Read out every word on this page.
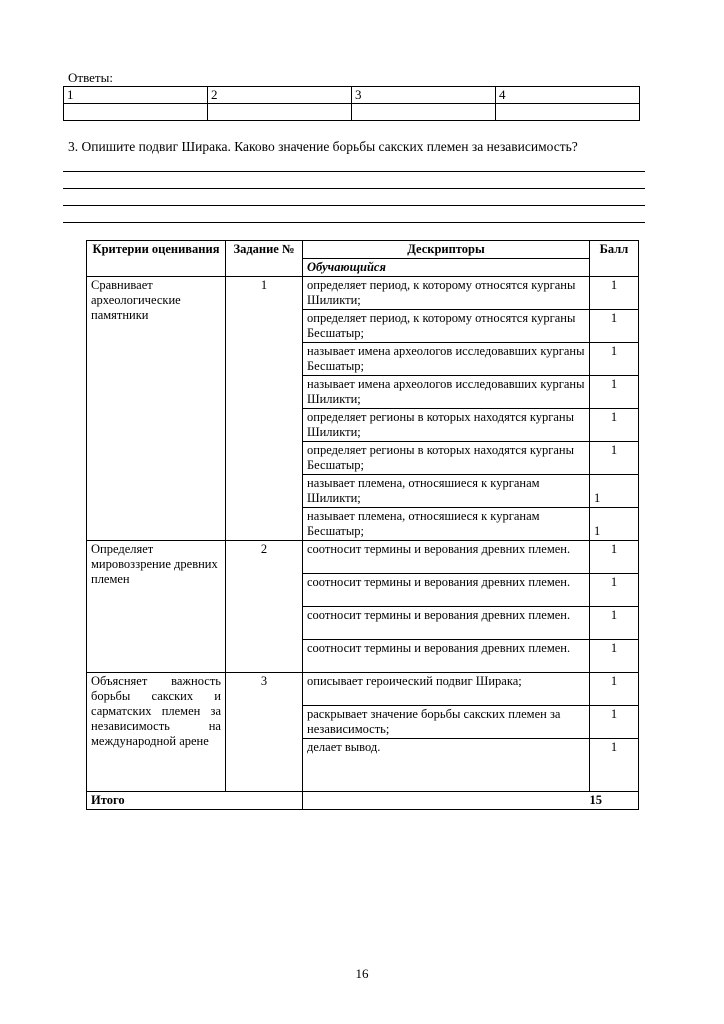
Ответы:
1	2	3	4

3. Опишите подвиг Ширака. Каково значение борьбы сакских племен за независимость?
Критерии оценивания	Задание №	Дескрипторы	Балл
		Обучающийся	
Сравнивает археологические памятники	1	определяет период, к которому относятся курганы Шиликти;	1
		определяет период, к которому относятся курганы Бесшатыр;	1
		называет имена археологов исследовавших курганы Бесшатыр;	1
		называет имена археологов исследовавших курганы Шиликти;	1
		определяет регионы в которых находятся курганы Шиликти;	1
		определяет регионы в которых находятся курганы Бесшатыр;	1
		называет племена, относяшиеся к курганам Шиликти;	1
		называет племена, относяшиеся к курганам Бесшатыр;	1
Определяет мировоззрение древних племен	2	соотносит термины и верования древних племен.	1
		соотносит термины и верования древних племен.	1
		соотносит термины и верования древних племен.	1
		соотносит термины и верования древних племен.	1
Объясняет важность борьбы сакских и сарматских племен за независимость на международной арене	3	описывает героический подвиг Ширака;	1
		раскрывает значение борьбы сакских племен за независимость;	1
		делает вывод.	1
Итого		15	
16
